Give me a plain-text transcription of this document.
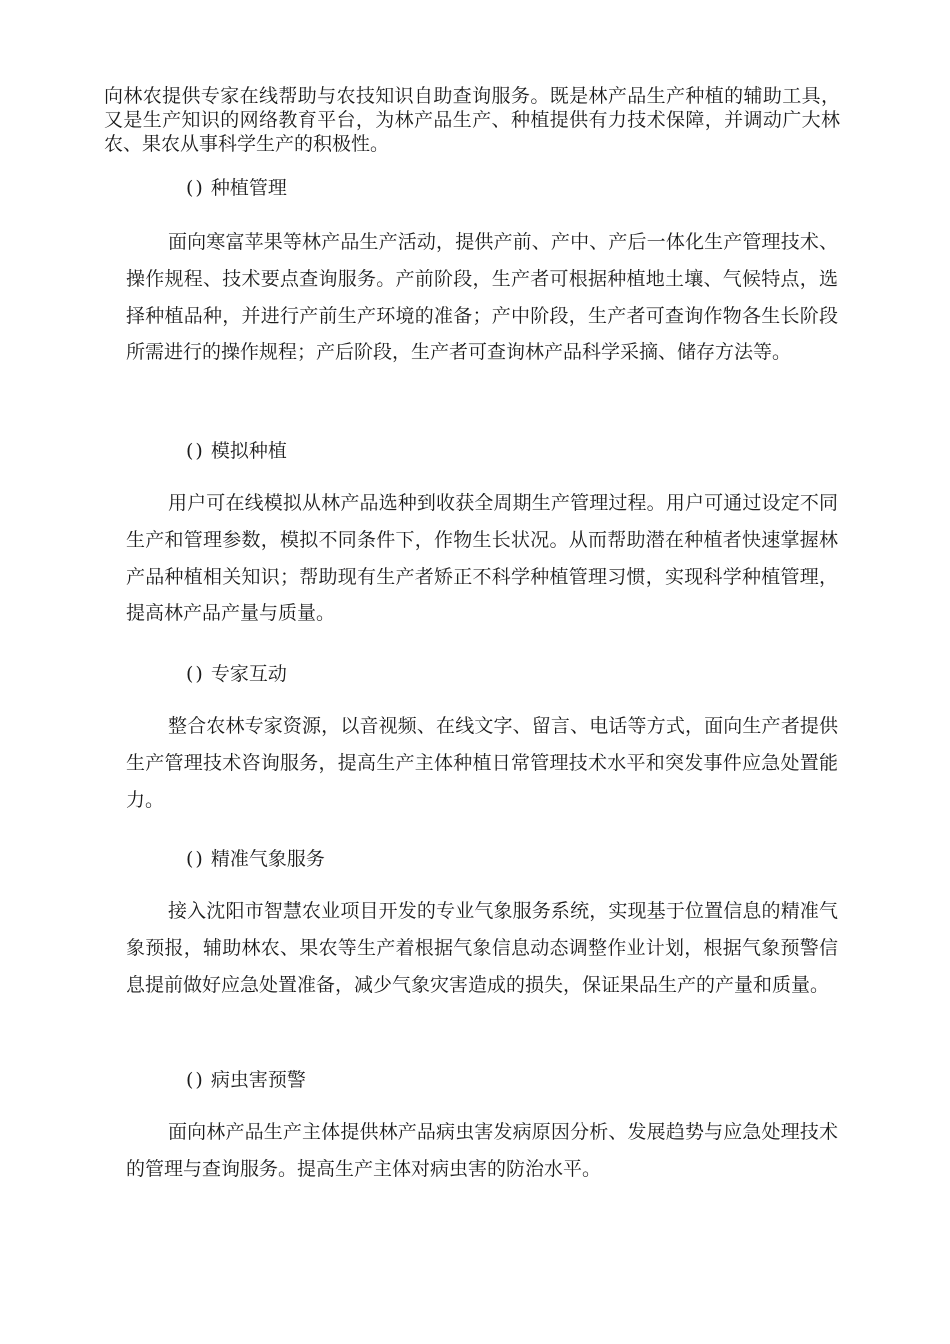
向林农提供专家在线帮助与农技知识自助查询服务。既是林产品生产种植的辅助工具，又是生产知识的网络教育平台，为林产品生产、种植提供有力技术保障，并调动广大林农、果农从事科学生产的积极性。

() 种植管理

面向寒富苹果等林产品生产活动，提供产前、产中、产后一体化生产管理技术、操作规程、技术要点查询服务。产前阶段，生产者可根据种植地土壤、气候特点，选择种植品种，并进行产前生产环境的准备；产中阶段，生产者可查询作物各生长阶段所需进行的操作规程；产后阶段，生产者可查询林产品科学采摘、储存方法等。

() 模拟种植

用户可在线模拟从林产品选种到收获全周期生产管理过程。用户可通过设定不同生产和管理参数，模拟不同条件下，作物生长状况。从而帮助潜在种植者快速掌握林产品种植相关知识；帮助现有生产者矫正不科学种植管理习惯，实现科学种植管理，提高林产品产量与质量。

() 专家互动

整合农林专家资源，以音视频、在线文字、留言、电话等方式，面向生产者提供生产管理技术咨询服务，提高生产主体种植日常管理技术水平和突发事件应急处置能力。

() 精准气象服务

接入沈阳市智慧农业项目开发的专业气象服务系统，实现基于位置信息的精准气象预报，辅助林农、果农等生产着根据气象信息动态调整作业计划，根据气象预警信息提前做好应急处置准备，减少气象灾害造成的损失，保证果品生产的产量和质量。

() 病虫害预警

面向林产品生产主体提供林产品病虫害发病原因分析、发展趋势与应急处理技术的管理与查询服务。提高生产主体对病虫害的防治水平。
